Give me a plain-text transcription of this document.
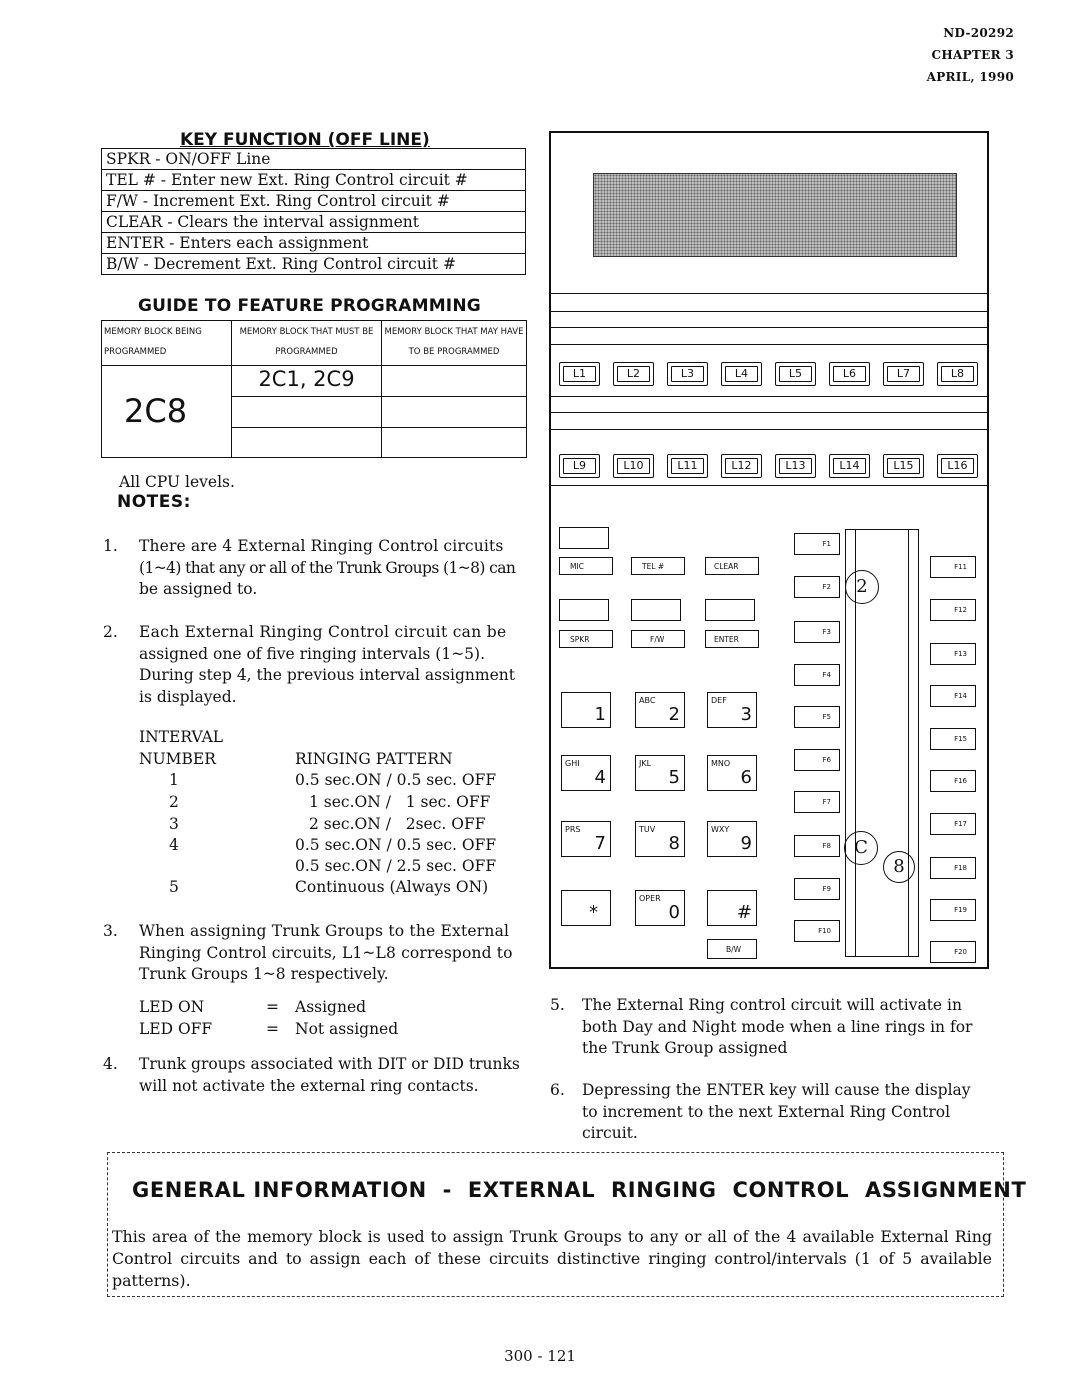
ND-20292
CHAPTER 3
APRIL, 1990
KEY FUNCTION (OFF LINE)
SPKR - ON/OFF Line
TEL # - Enter new Ext. Ring Control circuit #
F/W - Increment Ext. Ring Control circuit #
CLEAR - Clears the interval assignment
ENTER - Enters each assignment
B/W - Decrement Ext. Ring Control circuit #
GUIDE TO FEATURE PROGRAMMING
MEMORY BLOCK BEING PROGRAMMED	MEMORY BLOCK THAT MUST BE PROGRAMMED	MEMORY BLOCK THAT MAY HAVE TO BE PROGRAMMED
2C8	2C1, 2C9	

All CPU levels.
NOTES:
1. There are 4 External Ringing Control circuits
(1~4) that any or all of the Trunk Groups (1~8) can
be assigned to.
2. Each External Ringing Control circuit can be
assigned one of five ringing intervals (1~5).
During step 4, the previous interval assignment
is displayed.
INTERVAL
NUMBER	RINGING PATTERN
1	0.5 sec.ON / 0.5 sec. OFF
2	1 sec.ON /   1 sec. OFF
3	2 sec.ON /   2sec. OFF
4	0.5 sec.ON / 0.5 sec. OFF
0.5 sec.ON / 2.5 sec. OFF
5	Continuous (Always ON)
3. When assigning Trunk Groups to the External
Ringing Control circuits, L1~L8 correspond to
Trunk Groups 1~8 respectively.
LED ON	= Assigned
LED OFF	= Not assigned
4. Trunk groups associated with DIT or DID trunks
will not activate the external ring contacts.
5. The External Ring control circuit will activate in
both Day and Night mode when a line rings in for
the Trunk Group assigned
6. Depressing the ENTER key will cause the display
to increment to the next External Ring Control
circuit.
L1	L2	L3	L4	L5	L6	L7	L8
L9	L10	L11	L12	L13	L14	L15	L16
MIC	TEL #	CLEAR
SPKR	F/W	ENTER
1
ABC
2
DEF
3
GHI
4
JKL
5
MNO
6
PRS
7
TUV
8
WXY
9
*
OPER
0	#
B/W
F1
F2
F3
F4
F5
F6
F7
F8
F9
F10
F11
F12
F13
F14
F15
F16
F17
F18
F19
F20
2
C
8
GENERAL INFORMATION  -  EXTERNAL  RINGING  CONTROL  ASSIGNMENT
This area of the memory block is used to assign Trunk Groups to any or all of the 4 available External Ring Control circuits and to assign each of these circuits distinctive ringing control/intervals (1 of 5 available patterns).
300 - 121
